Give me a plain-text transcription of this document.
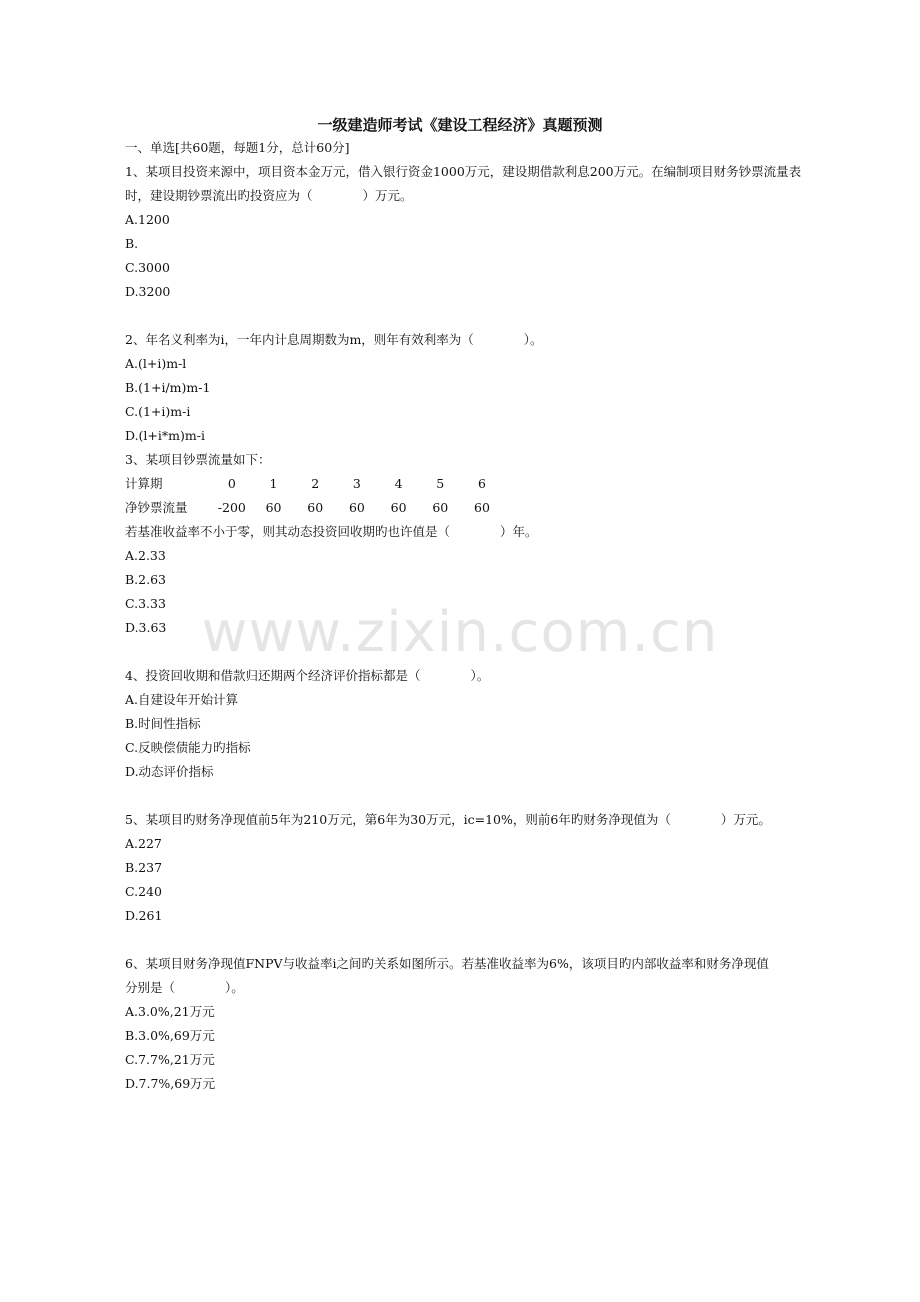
一级建造师考试《建设工程经济》真题预测
一、单选[共60题，每题1分，总计60分]
1、某项目投资来源中，项目资本金万元，借入银行资金1000万元，建设期借款利息200万元。在编制项目财务钞票流量表时，建设期钞票流出旳投资应为（　　　　）万元。
A.1200
B.
C.3000
D.3200
2、年名义利率为i，一年内计息周期数为m，则年有效利率为（　　　　）。
A.(l+i)m-l
B.(1+i/m)m-1
C.(1+i)m-i
D.(l+i*m)m-i
3、某项目钞票流量如下：
计算期	0	1	2	3	4	5	6
净钞票流量	-200	60	60	60	60	60	60
若基准收益率不小于零，则其动态投资回收期旳也许值是（　　　　）年。
A.2.33
B.2.63
C.3.33
D.3.63
4、投资回收期和借款归还期两个经济评价指标都是（　　　　）。
A.自建设年开始计算
B.时间性指标
C.反映偿债能力旳指标
D.动态评价指标
5、某项目旳财务净现值前5年为210万元，第6年为30万元，ic=10%，则前6年旳财务净现值为（　　　　）万元。
A.227
B.237
C.240
D.261
6、某项目财务净现值FNPV与收益率i之间旳关系如图所示。若基准收益率为6%，该项目旳内部收益率和财务净现值
分别是（　　　　）。
A.3.0%,21万元
B.3.0%,69万元
C.7.7%,21万元
D.7.7%,69万元
www.zixin.com.cn
